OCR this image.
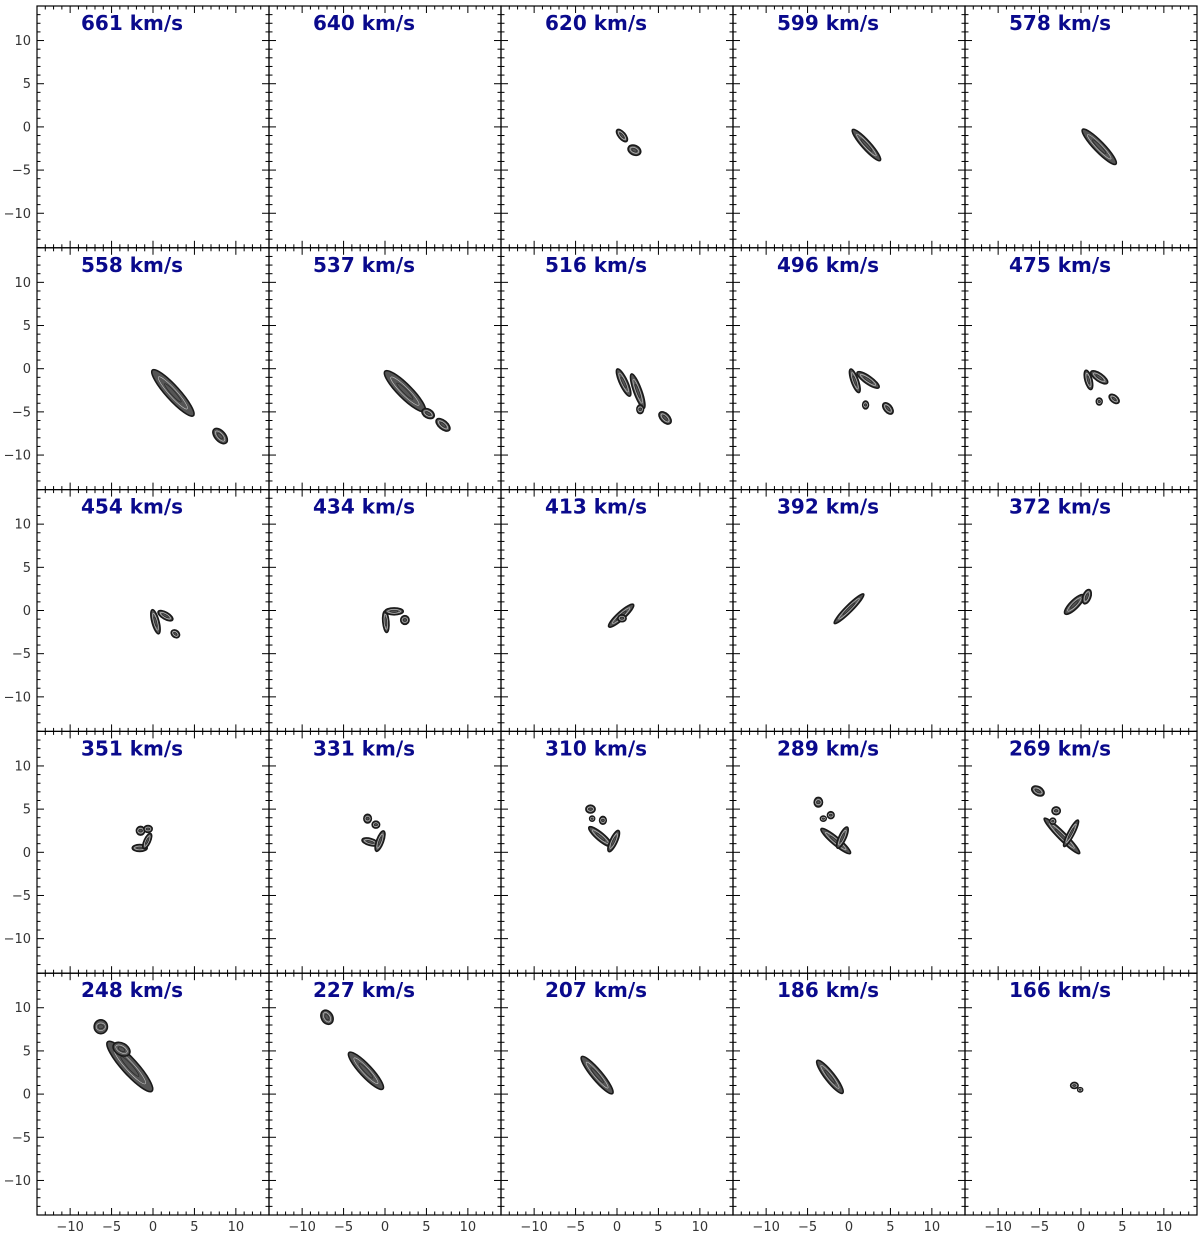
661 km/s
10
5
0
−5
−10
640 km/s	620 km/s	599 km/s	578 km/s
558 km/s
10
5
0
−5
−10
537 km/s	516 km/s	496 km/s	475 km/s
454 km/s
10
5
0
−5
−10
434 km/s	413 km/s	392 km/s	372 km/s
351 km/s
10
5
0
−5
−10
331 km/s	310 km/s	289 km/s	269 km/s
248 km/s
10
5
0
−5
−10
−10 −5 0	5 10
227 km/s
−10 −5 0	5 10
207 km/s
−10 −5 0	5 10
186 km/s
−10 −5 0	5 10
166 km/s
−10 −5 0	5 10
